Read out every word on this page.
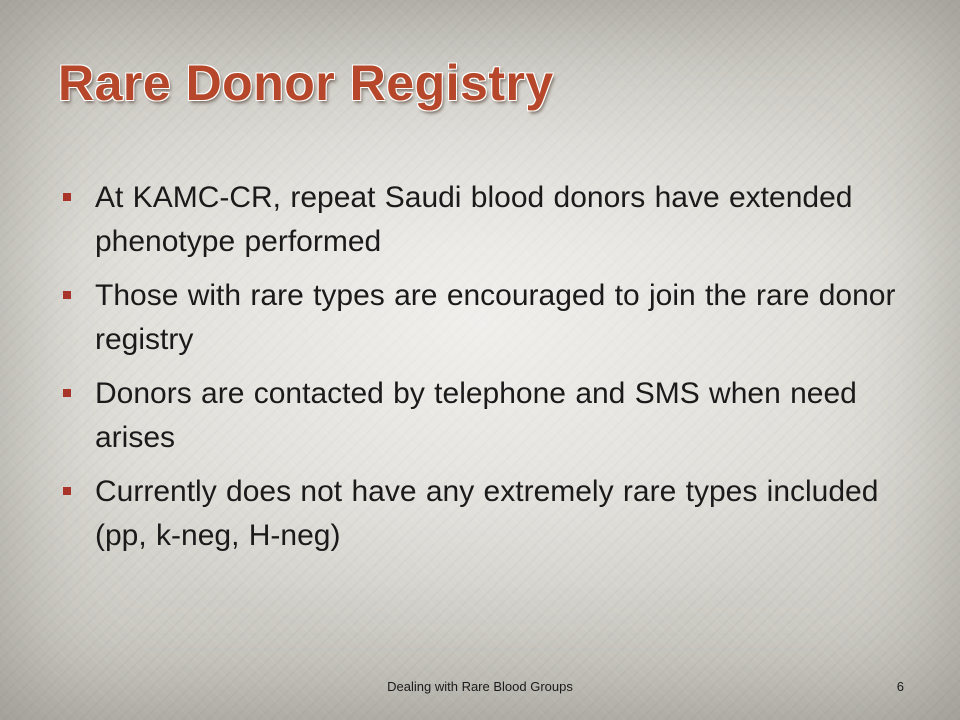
Rare Donor Registry
At KAMC-CR, repeat Saudi blood donors have extended phenotype performed
Those with rare types are encouraged to join the rare donor registry
Donors are contacted by telephone and SMS when need arises
Currently does not have any extremely rare types included (pp, k-neg, H-neg)
Dealing with Rare Blood Groups	6
